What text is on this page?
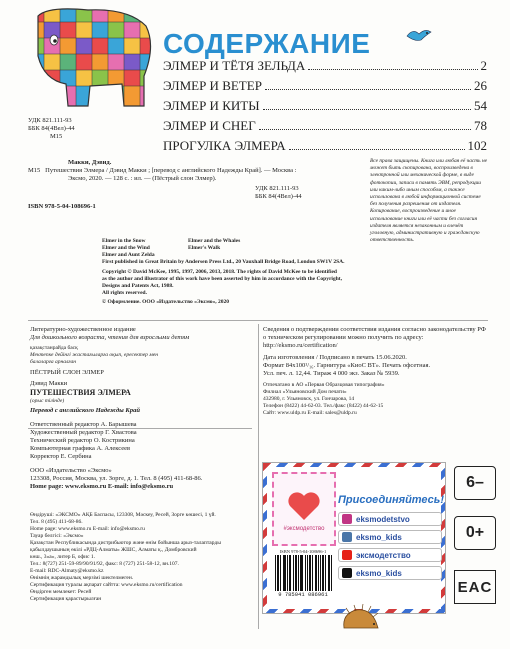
СОДЕРЖАНИЕ
ЭЛМЕР И ТЁТЯ ЗЕЛЬДА	2
ЭЛМЕР И ВЕТЕР	26
ЭЛМЕР И КИТЫ	54
ЭЛМЕР И СНЕГ	78
ПРОГУЛКА ЭЛМЕРА	102
УДК 821.111-93
ББК 84(4Вел)-44
М15
Макки, Дэвид.
М15 Путешествия Элмера / Дэвид Макки ; [перевод с английского Надежды Край]. — Москва :
Эксмо, 2020. — 128 с. : ил. — (Пёстрый слон Элмер).
УДК 821.111-93
ББК 84(4Вел)-44
ISBN 978-5-04-108696-1
Все права защищены. Книга или любая её часть не может быть скопирована, воспроизведена в электронной или механической форме, в виде фотокопии, записи в память ЭВМ, репродукции или каким-либо иным способом, а также использована в любой информационной системе без получения разрешения от издателя. Копирование, воспроизведение и иное использование книги или её части без согласия издателя является незаконным и влечёт уголовную, административную и гражданскую ответственность.
Elmer in the Snow
Elmer and the Wind
Elmer and Aunt Zelda
Elmer and the Whales
Elmer's Walk
First published in Great Britain by Andersen Press Ltd., 20 Vauxhall Bridge Road, London SW1V 2SA.
Copyright © David McKee, 1995, 1997, 2006, 2013, 2018. The rights of David McKee to be identified
as the author and illustrator of this work have been asserted by him in accordance with the Copyright,
Designs and Patents Act, 1988.
All rights reserved.
© Оформление. ООО «Издательство «Эксмо», 2020
Литературно-художественное издание
Для дошкольного возраста, чтения для взрослыми детям
қазақстанрайда басқ
Мектепке дейінгі жастағыларға оқып, ересектер мен
балаларға арналған
ПЁСТРЫЙ СЛОН ЭЛМЕР
Дэвид Макки
ПУТЕШЕСТВИЯ ЭЛМЕРА
(орыс тілінде)
Перевод с английского Надежды Край
Ответственный редактор А. Барышева
Художественный редактор Г. Хвастова
Технический редактор О. Кострикина
Компьютерная графика А. Алексеев
Корректор Е. Сербина
ООО «Издательство «Эксмо»
123308, Россия, Москва, ул. Зорге, д. 1. Тел. 8 (495) 411-68-86.
Home page: www.eksmo.ru E-mail: info@eksmo.ru
Өндіруші: «ЭКСМО» АҚБ Баспасы, 123308, Мәскеу, Ресей, Зорге көшесі, 1 үй.
Тел. 8 (495) 411-68-86.
Home page: www.eksmo.ru E-mail: info@eksmo.ru
Тауар белгісі: «Эксмо»
Қазақстан Республикасында дистрибьютор және өнім бойынша арыз-талаптарды
қабылдаушының өкілі «РДЦ-Алматы» ЖШС, Алматы қ., Домбровский
көш., 3«а», литер Б, офис 1.
Тел.: 8(727) 251-59-89/90/91/92, факс: 8 (727) 251-58-12, вн.107.
E-mail: RDC-Almaty@eksmo.kz
Өнімнің жарамдылық мерзімі шектелмеген.
Сертификация туралы ақпарат сайтта: www.eksmo.ru/certification
Өндірген мемлекет: Ресей
Сертификация қарастырылған
Сведения о подтверждении соответствия издания согласно законодательству РФ о техническом регулировании можно получить по адресу: http://eksmo.ru/certification/
Дата изготовления / Подписано в печать 15.06.2020.
Формат 84x100¹/₁₆. Гарнитура «КиоС ВТ». Печать офсетная.
Усл. печ. л. 12,44. Тираж 4 000 экз. Заказ № 5939.
Отпечатано в АО «Первая Образцовая типография»
Филиал «Ульяновский Дом печати»
432980, г. Ульяновск, ул. Гончарова, 14
Телефон (8422) 44-62-03. Тел./факс (8422) 44-62-15
Сайт: www.uldp.ru E-mail: sales@uldp.ru
#эксмодетство
Присоединяйтесь!
eksmodetstvo
eksmo_kids
эксмодетство
eksmo_kids
ISBN 978-5-04-108696-1
9 785041 086961
6–
0+
EAC
